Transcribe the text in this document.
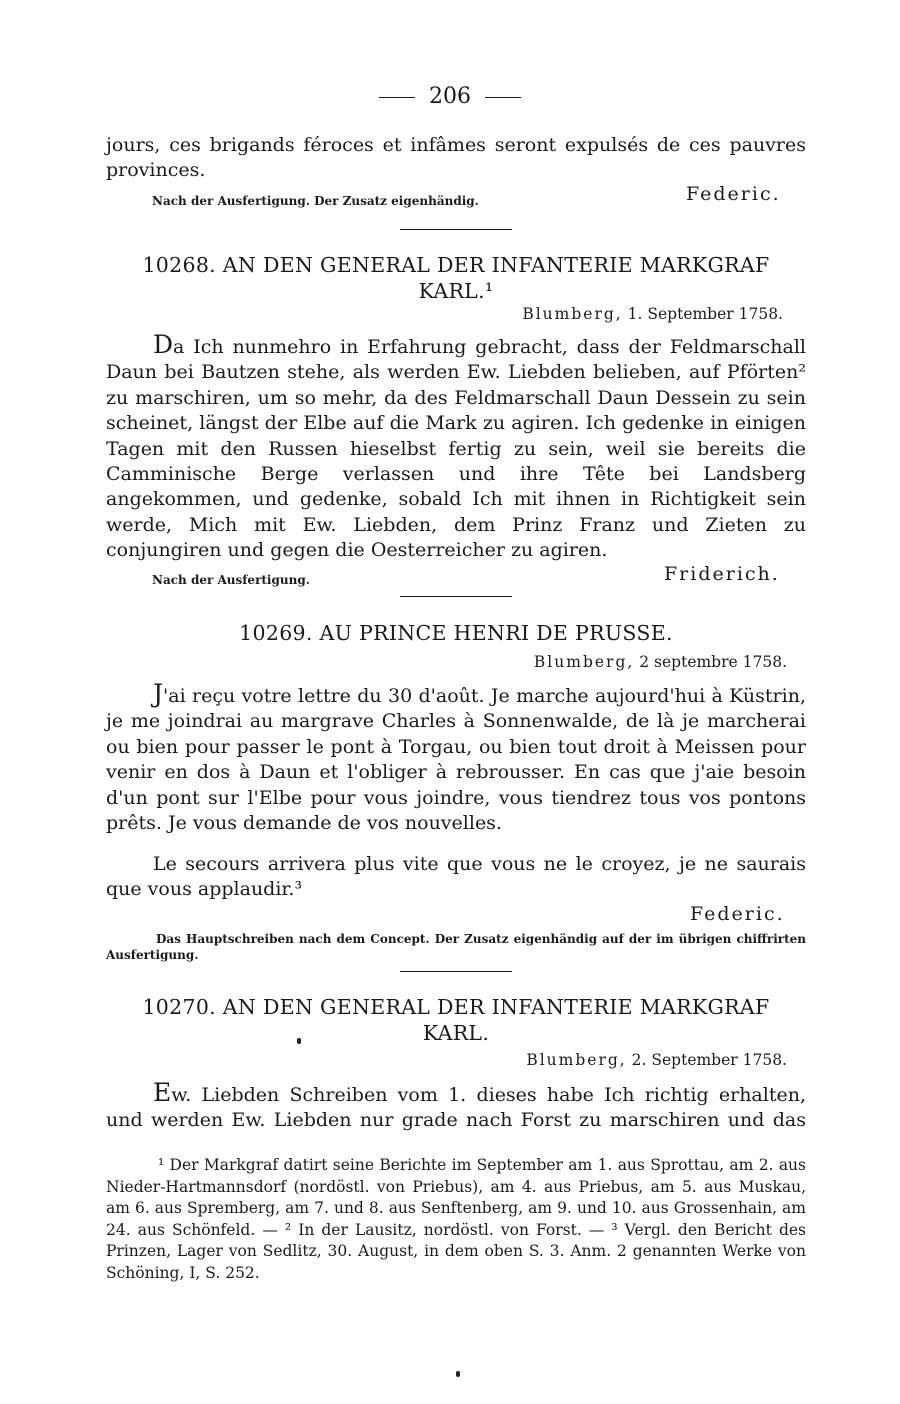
206
jours, ces brigands féroces et infâmes seront expulsés de ces pauvres
provinces.
Nach der Ausfertigung. Der Zusatz eigenhändig.	Federic.
10268. AN DEN GENERAL DER INFANTERIE MARKGRAF
KARL.¹
Blumberg, 1. September 1758.
Da Ich nunmehro in Erfahrung gebracht, dass der Feldmarschall Daun bei Bautzen stehe, als werden Ew. Liebden belieben, auf Pförten² zu marschiren, um so mehr, da des Feldmarschall Daun Dessein zu sein scheinet, längst der Elbe auf die Mark zu agiren. Ich gedenke in einigen Tagen mit den Russen hieselbst fertig zu sein, weil sie bereits die Camminische Berge verlassen und ihre Tête bei Landsberg angekommen, und gedenke, sobald Ich mit ihnen in Richtigkeit sein werde, Mich mit Ew. Liebden, dem Prinz Franz und Zieten zu conjungiren und gegen die Oesterreicher zu agiren.
Nach der Ausfertigung.	Friderich.
10269. AU PRINCE HENRI DE PRUSSE.
Blumberg, 2 septembre 1758.
J'ai reçu votre lettre du 30 d'août. Je marche aujourd'hui à Küstrin, je me joindrai au margrave Charles à Sonnenwalde, de là je marcherai ou bien pour passer le pont à Torgau, ou bien tout droit à Meissen pour venir en dos à Daun et l'obliger à rebrousser. En cas que j'aie besoin d'un pont sur l'Elbe pour vous joindre, vous tiendrez tous vos pontons prêts. Je vous demande de vos nouvelles.
Le secours arrivera plus vite que vous ne le croyez, je ne saurais que vous applaudir.³
Federic.
Das Hauptschreiben nach dem Concept. Der Zusatz eigenhändig auf der im übrigen chiffrirten Ausfertigung.
10270. AN DEN GENERAL DER INFANTERIE MARKGRAF
KARL.
Blumberg, 2. September 1758.
Ew. Liebden Schreiben vom 1. dieses habe Ich richtig erhalten, und werden Ew. Liebden nur grade nach Forst zu marschiren und das
¹ Der Markgraf datirt seine Berichte im September am 1. aus Sprottau, am 2. aus Nieder-Hartmannsdorf (nordöstl. von Priebus), am 4. aus Priebus, am 5. aus Muskau, am 6. aus Spremberg, am 7. und 8. aus Senftenberg, am 9. und 10. aus Grossenhain, am 24. aus Schönfeld. — ² In der Lausitz, nordöstl. von Forst. — ³ Vergl. den Bericht des Prinzen, Lager von Sedlitz, 30. August, in dem oben S. 3. Anm. 2 genannten Werke von Schöning, I, S. 252.
